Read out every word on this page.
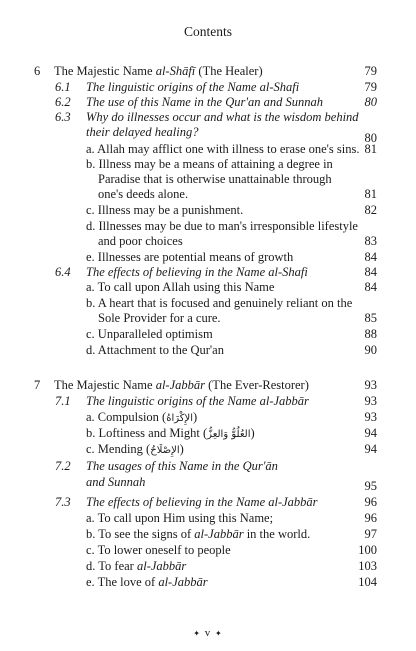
Contents
6 The Majestic Name al-Shāfī (The Healer)	79
6.1 The linguistic origins of the Name al-Shafi	79
6.2 The use of this Name in the Qur'an and Sunnah	80
6.3 Why do illnesses occur and what is the wisdom behind
their delayed healing?	80
a. Allah may afflict one with illness to erase one's sins. 81
b. Illness may be a means of attaining a degree in
Paradise that is otherwise unattainable through
one's deeds alone.	81
c. Illness may be a punishment.	82
d. Illnesses may be due to man's irresponsible lifestyle
and poor choices	83
e. Illnesses are potential means of growth	84
6.4 The effects of believing in the Name al-Shafi	84
a. To call upon Allah using this Name	84
b. A heart that is focused and genuinely reliant on the
Sole Provider for a cure.	85
c. Unparalleled optimism	88
d. Attachment to the Qur'an	90
7 The Majestic Name al-Jabbār (The Ever-Restorer)	93
7.1 The linguistic origins of the Name al-Jabbār	93
a. Compulsion (الإِكْرَاهُ)	93
b. Loftiness and Might (العُلُوُّ وَالعِزُّ)	94
c. Mending (الإِصْلَاحُ)	94
7.2 The usages of this Name in the Qur'ān
and Sunnah	95
7.3 The effects of believing in the Name al-Jabbār	96
a. To call upon Him using this Name;	96
b. To see the signs of al-Jabbār in the world.	97
c. To lower oneself to people	100
d. To fear al-Jabbār	103
e. The love of al-Jabbār	104
✦ v ✦
